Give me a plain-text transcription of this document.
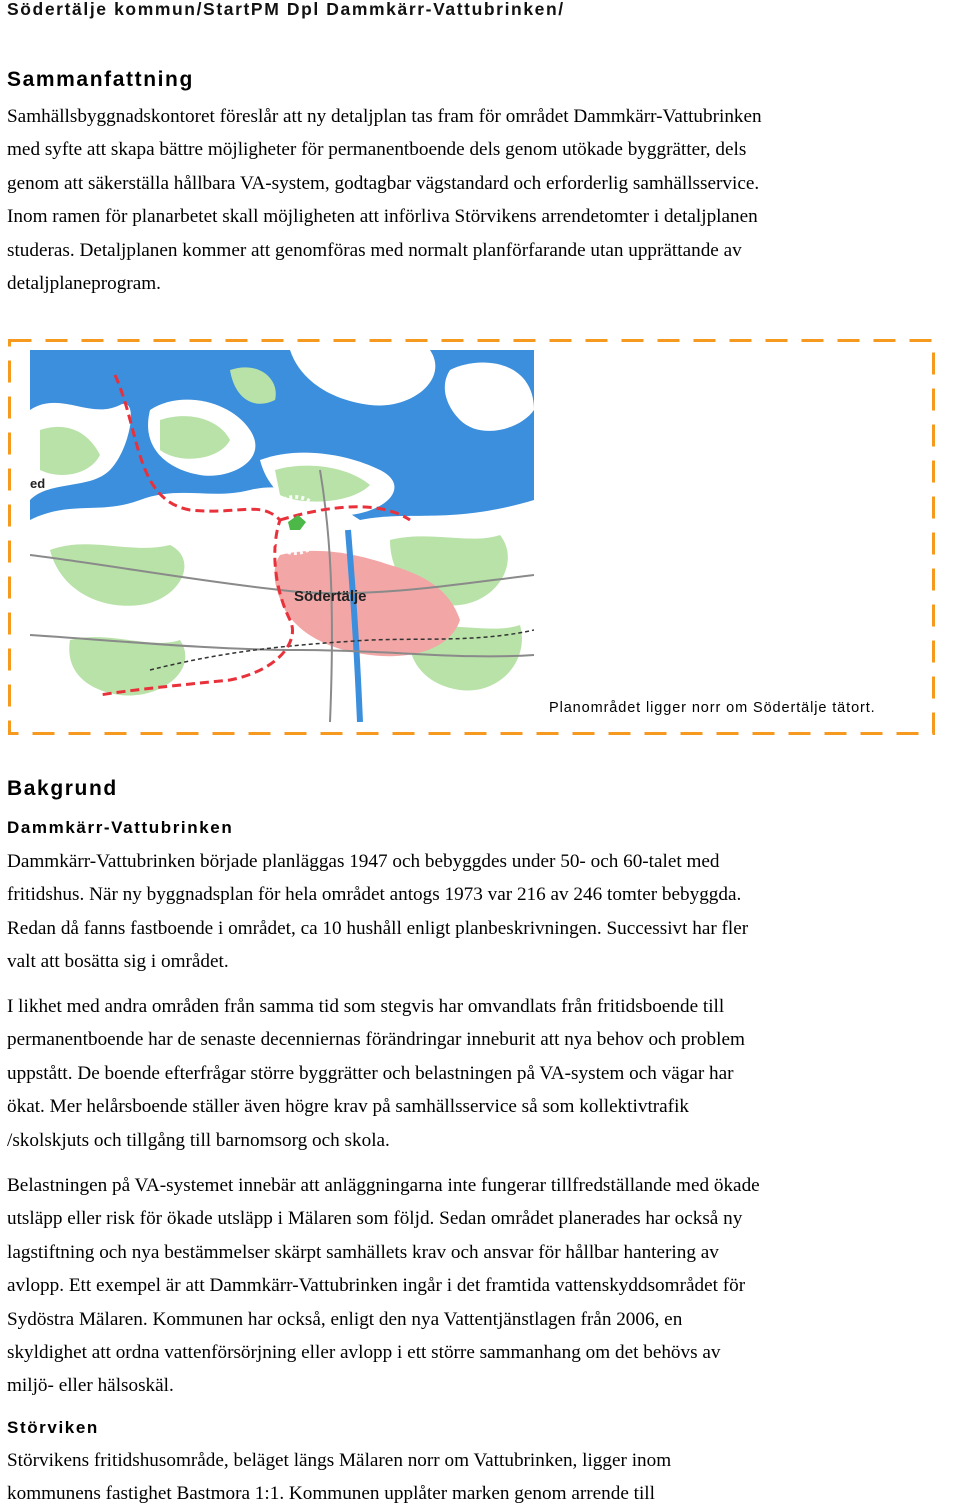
Södertälje kommun/StartPM Dpl Dammkärr-Vattubrinken/
Sammanfattning
Samhällsbyggnadskontoret föreslår att ny detaljplan tas fram för området Dammkärr-Vattubrinken
med syfte att skapa bättre möjligheter för permanentboende dels genom utökade byggrätter, dels
genom att säkerställa hållbara VA-system, godtagbar vägstandard och erforderlig samhällsservice.
Inom ramen för planarbetet skall möjligheten att införliva Störvikens arrendetomter i detaljplanen
studeras. Detaljplanen kommer att genomföras med normalt planförfarande utan upprättande av
detaljplaneprogram.
Södertälje
ed
Planområdet ligger norr om Södertälje tätort.
Bakgrund
Dammkärr-Vattubrinken
Dammkärr-Vattubrinken började planläggas 1947 och bebyggdes under 50- och 60-talet med
fritidshus. När ny byggnadsplan för hela området antogs 1973 var 216 av 246 tomter bebyggda.
Redan då fanns fastboende i området, ca 10 hushåll enligt planbeskrivningen. Successivt har fler
valt att bosätta sig i området.
I likhet med andra områden från samma tid som stegvis har omvandlats från fritidsboende till
permanentboende har de senaste decenniernas förändringar inneburit att nya behov och problem
uppstått. De boende efterfrågar större byggrätter och belastningen på VA-system och vägar har
ökat. Mer helårsboende ställer även högre krav på samhällsservice så som kollektivtrafik
/skolskjuts och tillgång till barnomsorg och skola.
Belastningen på VA-systemet innebär att anläggningarna inte fungerar tillfredställande med ökade
utsläpp eller risk för ökade utsläpp i Mälaren som följd. Sedan området planerades har också ny
lagstiftning och nya bestämmelser skärpt samhällets krav och ansvar för hållbar hantering av
avlopp. Ett exempel är att Dammkärr-Vattubrinken ingår i det framtida vattenskyddsområdet för
Sydöstra Mälaren. Kommunen har också, enligt den nya Vattentjänstlagen från 2006, en
skyldighet att ordna vattenförsörjning eller avlopp i ett större sammanhang om det behövs av
miljö- eller hälsoskäl.
Störviken
Störvikens fritidshusområde, beläget längs Mälaren norr om Vattubrinken, ligger inom
kommunens fastighet Bastmora 1:1. Kommunen upplåter marken genom arrende till
